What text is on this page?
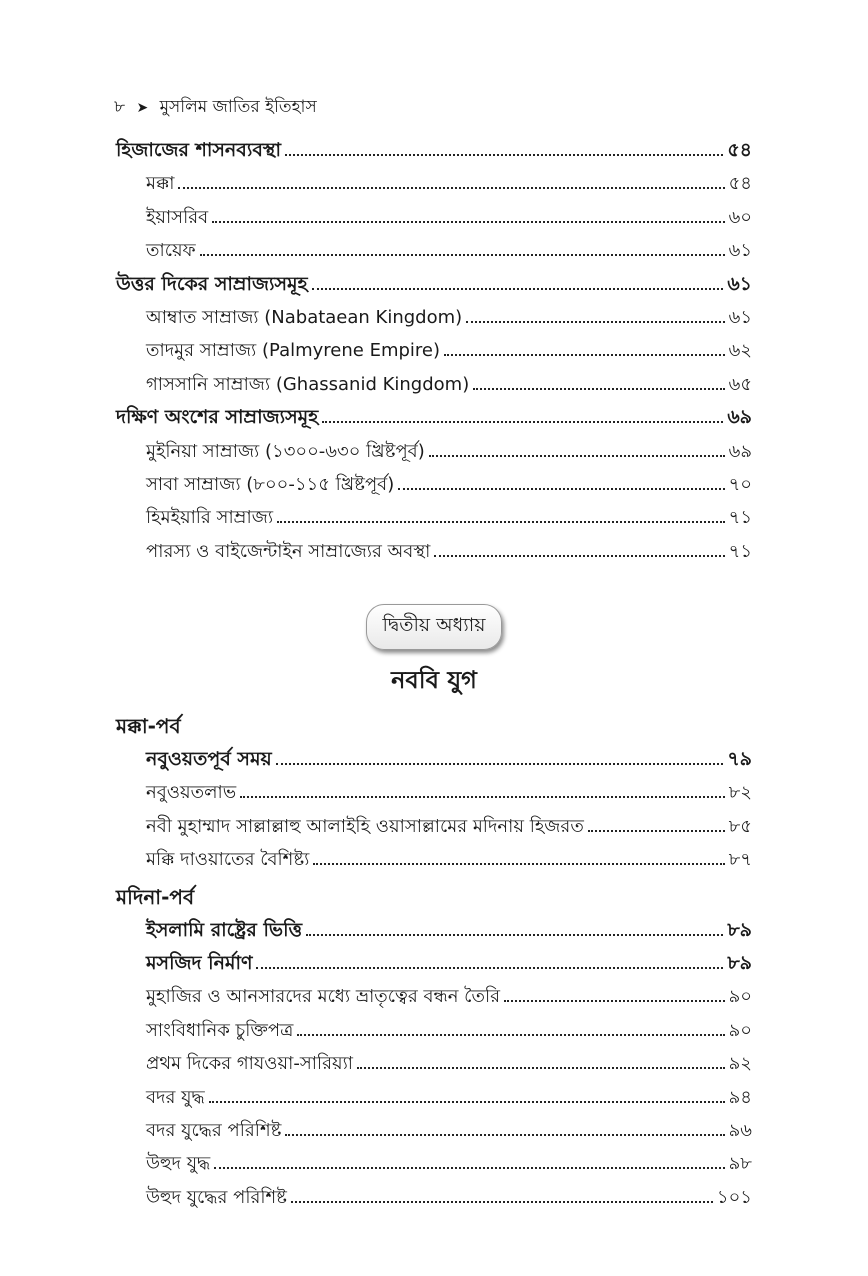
৮ ➤ মুসলিম জাতির ইতিহাস
হিজাজের শাসনব্যবস্থা	৫৪
মক্কা	৫৪
ইয়াসরিব	৬০
তায়েফ	৬১
উত্তর দিকের সাম্রাজ্যসমূহ	৬১
আম্বাত সাম্রাজ্য (Nabataean Kingdom)	৬১
তাদমুর সাম্রাজ্য (Palmyrene Empire)	৬২
গাসসানি সাম্রাজ্য (Ghassanid Kingdom)	৬৫
দক্ষিণ অংশের সাম্রাজ্যসমূহ	৬৯
মুইনিয়া সাম্রাজ্য (১৩০০-৬৩০ খ্রিষ্টপূর্ব)	৬৯
সাবা সাম্রাজ্য (৮০০-১১৫ খ্রিষ্টপূর্ব)	৭০
হিমইয়ারি সাম্রাজ্য	৭১
পারস্য ও বাইজেন্টাইন সাম্রাজ্যের অবস্থা	৭১
দ্বিতীয় অধ্যায়
নববি যুগ
মক্কা-পর্ব
নবুওয়তপূর্ব সময়	৭৯
নবুওয়তলাভ	৮২
নবী মুহাম্মাদ সাল্লাল্লাহু আলাইহি ওয়াসাল্লামের মদিনায় হিজরত	৮৫
মক্কি দাওয়াতের বৈশিষ্ট্য	৮৭
মদিনা-পর্ব
ইসলামি রাষ্ট্রের ভিত্তি	৮৯
মসজিদ নির্মাণ	৮৯
মুহাজির ও আনসারদের মধ্যে ভ্রাতৃত্বের বন্ধন তৈরি	৯০
সাংবিধানিক চুক্তিপত্র	৯০
প্রথম দিকের গাযওয়া-সারিয়্যা	৯২
বদর যুদ্ধ	৯৪
বদর যুদ্ধের পরিশিষ্ট	৯৬
উহুদ যুদ্ধ	৯৮
উহুদ যুদ্ধের পরিশিষ্ট	১০১
